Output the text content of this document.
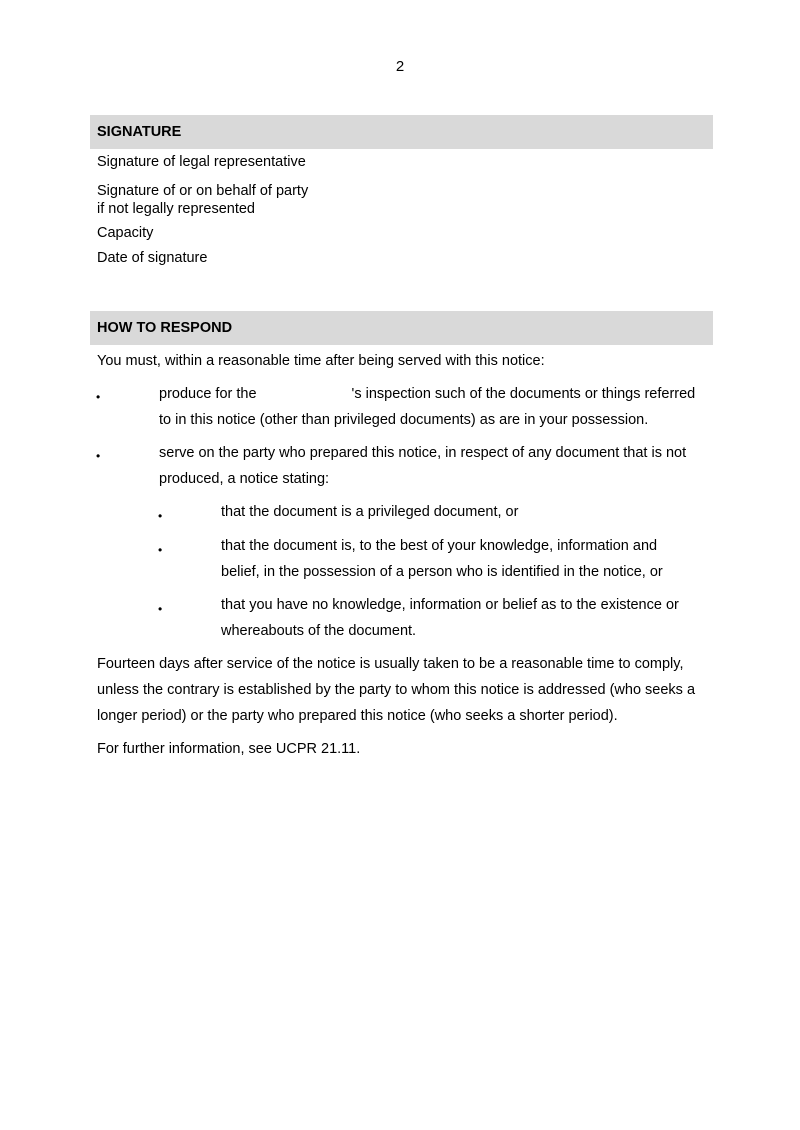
2
SIGNATURE
Signature of legal representative
Signature of or on behalf of party
if not legally represented
Capacity
Date of signature
HOW TO RESPOND
You must, within a reasonable time after being served with this notice:
•	produce for the	's inspection such of the documents or things referred
to in this notice (other than privileged documents) as are in your possession.
•	serve on the party who prepared this notice, in respect of any document that is not
produced, a notice stating:
•	that the document is a privileged document, or
•	that the document is, to the best of your knowledge, information and
belief, in the possession of a person who is identified in the notice, or
•	that you have no knowledge, information or belief as to the existence or
whereabouts of the document.
Fourteen days after service of the notice is usually taken to be a reasonable time to comply, unless the contrary is established by the party to whom this notice is addressed (who seeks a longer period) or the party who prepared this notice (who seeks a shorter period).
For further information, see UCPR 21.11.
